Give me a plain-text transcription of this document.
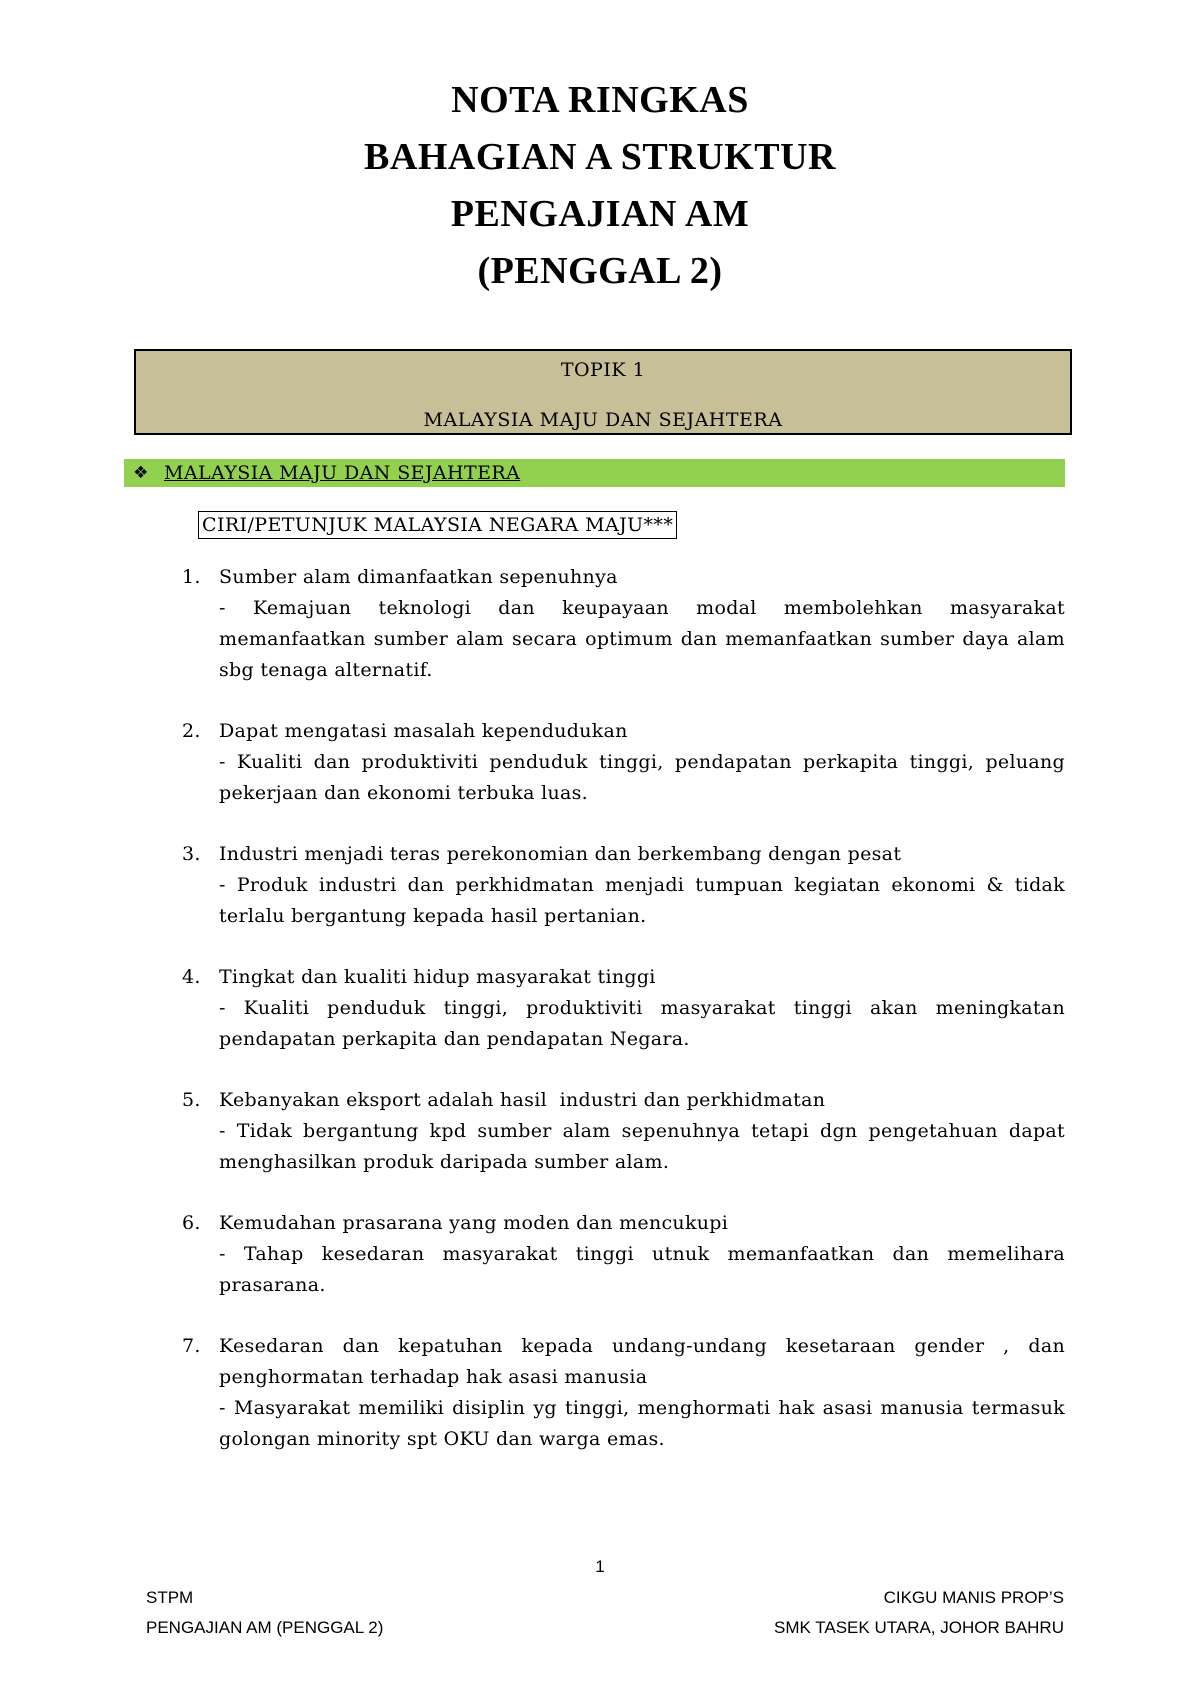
NOTA RINGKAS
BAHAGIAN A STRUKTUR
PENGAJIAN AM
(PENGGAL 2)
TOPIK 1
MALAYSIA MAJU DAN SEJAHTERA
❖ MALAYSIA MAJU DAN SEJAHTERA
CIRI/PETUNJUK MALAYSIA NEGARA MAJU***
1. Sumber alam dimanfaatkan sepenuhnya
- Kemajuan teknologi dan keupayaan modal membolehkan masyarakat memanfaatkan sumber alam secara optimum dan memanfaatkan sumber daya alam sbg tenaga alternatif.
2. Dapat mengatasi masalah kependudukan
- Kualiti dan produktiviti penduduk tinggi, pendapatan perkapita tinggi, peluang pekerjaan dan ekonomi terbuka luas.
3. Industri menjadi teras perekonomian dan berkembang dengan pesat
- Produk industri dan perkhidmatan menjadi tumpuan kegiatan ekonomi & tidak terlalu bergantung kepada hasil pertanian.
4. Tingkat dan kualiti hidup masyarakat tinggi
- Kualiti penduduk tinggi, produktiviti masyarakat tinggi akan meningkatan pendapatan perkapita dan pendapatan Negara.
5. Kebanyakan eksport adalah hasil  industri dan perkhidmatan
- Tidak bergantung kpd sumber alam sepenuhnya tetapi dgn pengetahuan dapat menghasilkan produk daripada sumber alam.
6. Kemudahan prasarana yang moden dan mencukupi
- Tahap kesedaran masyarakat tinggi utnuk memanfaatkan dan memelihara prasarana.
7. Kesedaran dan kepatuhan kepada undang-undang kesetaraan gender , dan penghormatan terhadap hak asasi manusia
- Masyarakat memiliki disiplin yg tinggi, menghormati hak asasi manusia termasuk golongan minority spt OKU dan warga emas.
1
STPM
PENGAJIAN AM (PENGGAL 2)
CIKGU MANIS PROP’S
SMK TASEK UTARA, JOHOR BAHRU
